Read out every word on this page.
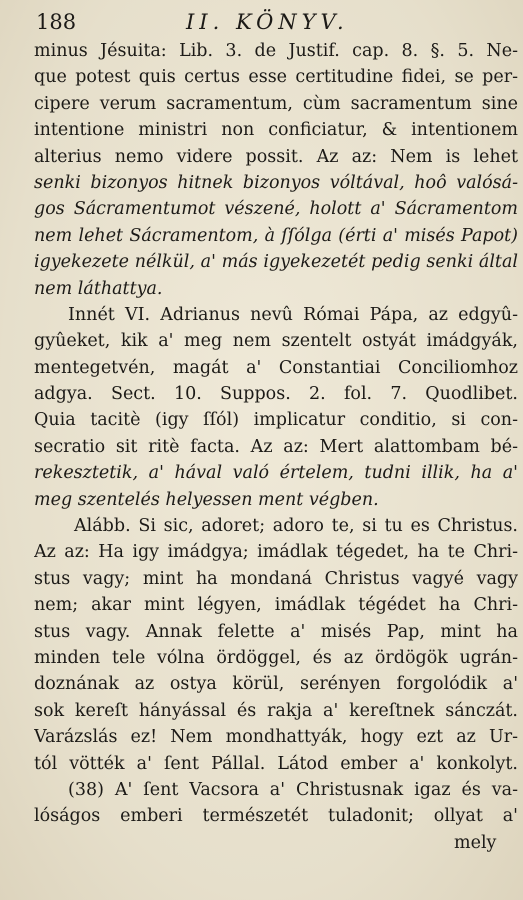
188	II. KÖNYV.
minus Jésuita: Lib. 3. de Justif. cap. 8. §. 5. Ne-
que potest quis certus esse certitudine fidei, se per-
cipere verum sacramentum, cùm sacramentum sine
intentione ministri non conficiatur, & intentionem
alterius nemo videre possit. Az az: Nem is lehet
senki bizonyos hitnek bizonyos vóltával, hoô valósá-
gos Sácramentumot vészené, holott a' Sácramentom
nem lehet Sácramentom, à ſſólga (érti a' misés Papot)
igyekezete nélkül, a' más igyekezetét pedig senki által
nem láthattya.
Innét VI. Adrianus nevû Római Pápa, az edgyû-
gyûeket, kik a' meg nem szentelt ostyát imádgyák,
mentegetvén, magát a' Constantiai Conciliomhoz
adgya. Sect. 10. Suppos. 2. fol. 7. Quodlibet.
Quia tacitè (igy ſſól) implicatur conditio, si con-
secratio sit ritè facta. Az az: Mert alattombam bé-
rekesztetik, a' hával való értelem, tudni illik, ha a'
meg szentelés helyessen ment végben.
Alább. Si sic, adoret; adoro te, si tu es Christus.
Az az: Ha igy imádgya; imádlak tégedet, ha te Chri-
stus vagy; mint ha mondaná Christus vagyé vagy
nem; akar mint légyen, imádlak tégédet ha Chri-
stus vagy. Annak felette a' misés Pap, mint ha
minden tele vólna ördöggel, és az ördögök ugrán-
doznának az ostya körül, serényen forgolódik a'
sok kereſt hányással és rakja a' kereſtnek sánczát.
Varázslás ez! Nem mondhattyák, hogy ezt az Ur-
tól vötték a' ſent Pállal. Látod ember a' konkolyt.
(38) A' ſent Vacsora a' Christusnak igaz és va-
lóságos emberi természetét tuladonit; ollyat a'
mely
